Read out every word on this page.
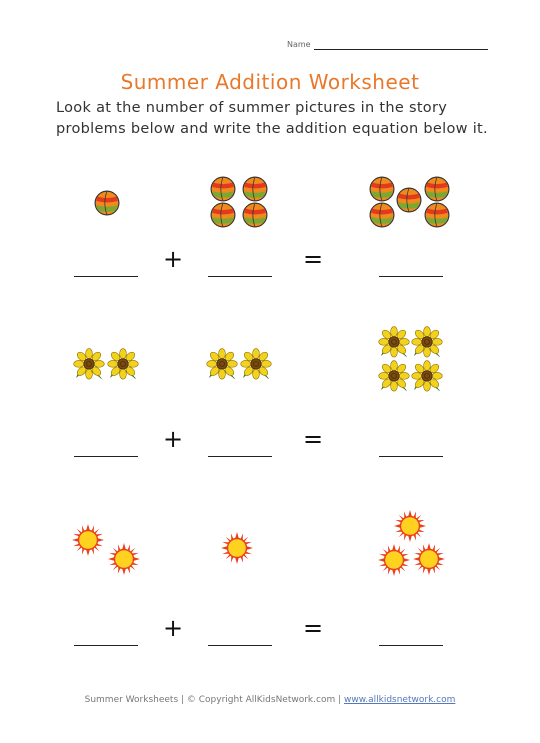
Name
Summer Addition Worksheet
Look at the number of summer pictures in the story
problems below and write the addition equation below it.
+	=
+	=
+	=
Summer Worksheets | © Copyright AllKidsNetwork.com | www.allkidsnetwork.com
